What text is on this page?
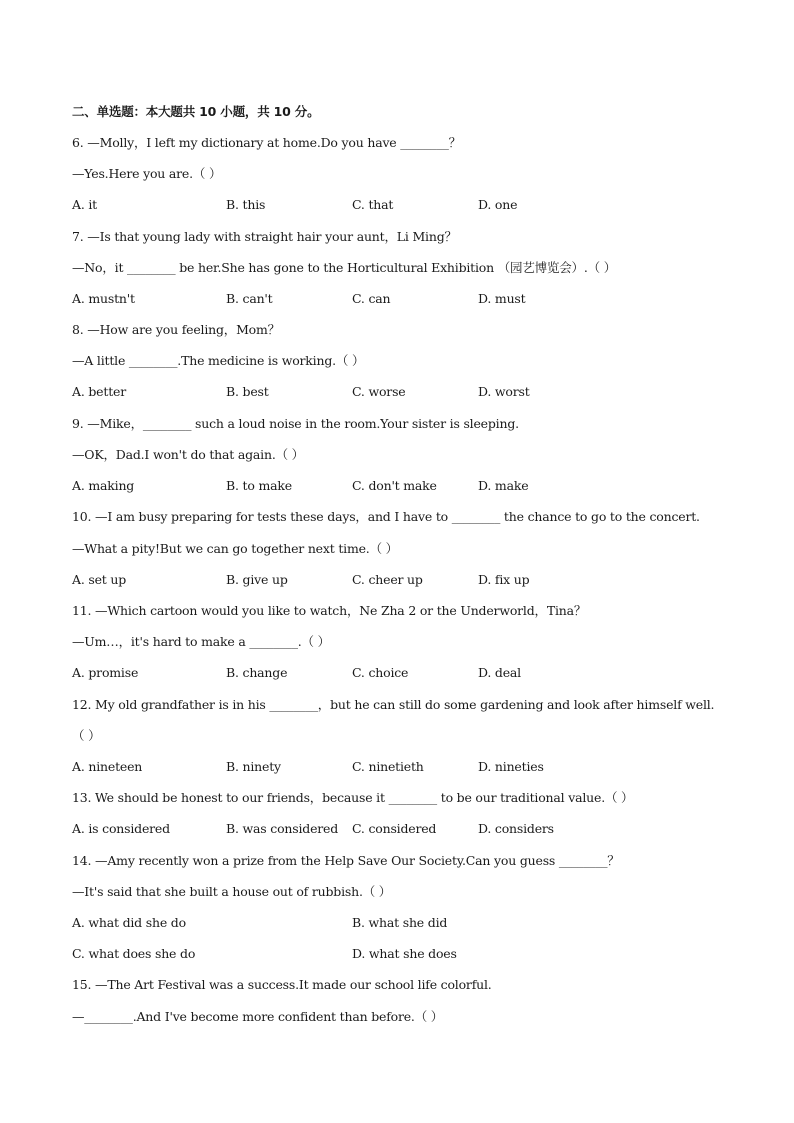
二、单选题：本大题共 10 小题，共 10 分。
6. —Molly，I left my dictionary at home.Do you have ________？
—Yes.Here you are.（ ）
A. it	B. this	C. that	D. one
7. —Is that young lady with straight hair your aunt，Li Ming？
—No，it ________ be her.She has gone to the Horticultural Exhibition （园艺博览会）.（ ）
A. mustn't	B. can't	C. can	D. must
8. —How are you feeling，Mom？
—A little ________.The medicine is working.（ ）
A. better	B. best	C. worse	D. worst
9. —Mike，________ such a loud noise in the room.Your sister is sleeping.
—OK，Dad.I won't do that again.（ ）
A. making	B. to make	C. don't make	D. make
10. —I am busy preparing for tests these days，and I have to ________ the chance to go to the concert.
—What a pity!But we can go together next time.（ ）
A. set up	B. give up	C. cheer up	D. fix up
11. —Which cartoon would you like to watch，Ne Zha 2 or the Underworld，Tina？
—Um…，it's hard to make a ________.（ ）
A. promise	B. change	C. choice	D. deal
12. My old grandfather is in his ________，but he can still do some gardening and look after himself well.
（ ）
A. nineteen	B. ninety	C. ninetieth	D. nineties
13. We should be honest to our friends，because it ________ to be our traditional value.（ ）
A. is considered	B. was considered C. considered	D. considers
14. —Amy recently won a prize from the Help Save Our Society.Can you guess ________？
—It's said that she built a house out of rubbish.（ ）
A. what did she do	B. what she did
C. what does she do	D. what she does
15. —The Art Festival was a success.It made our school life colorful.
—________.And I've become more confident than before.（ ）
